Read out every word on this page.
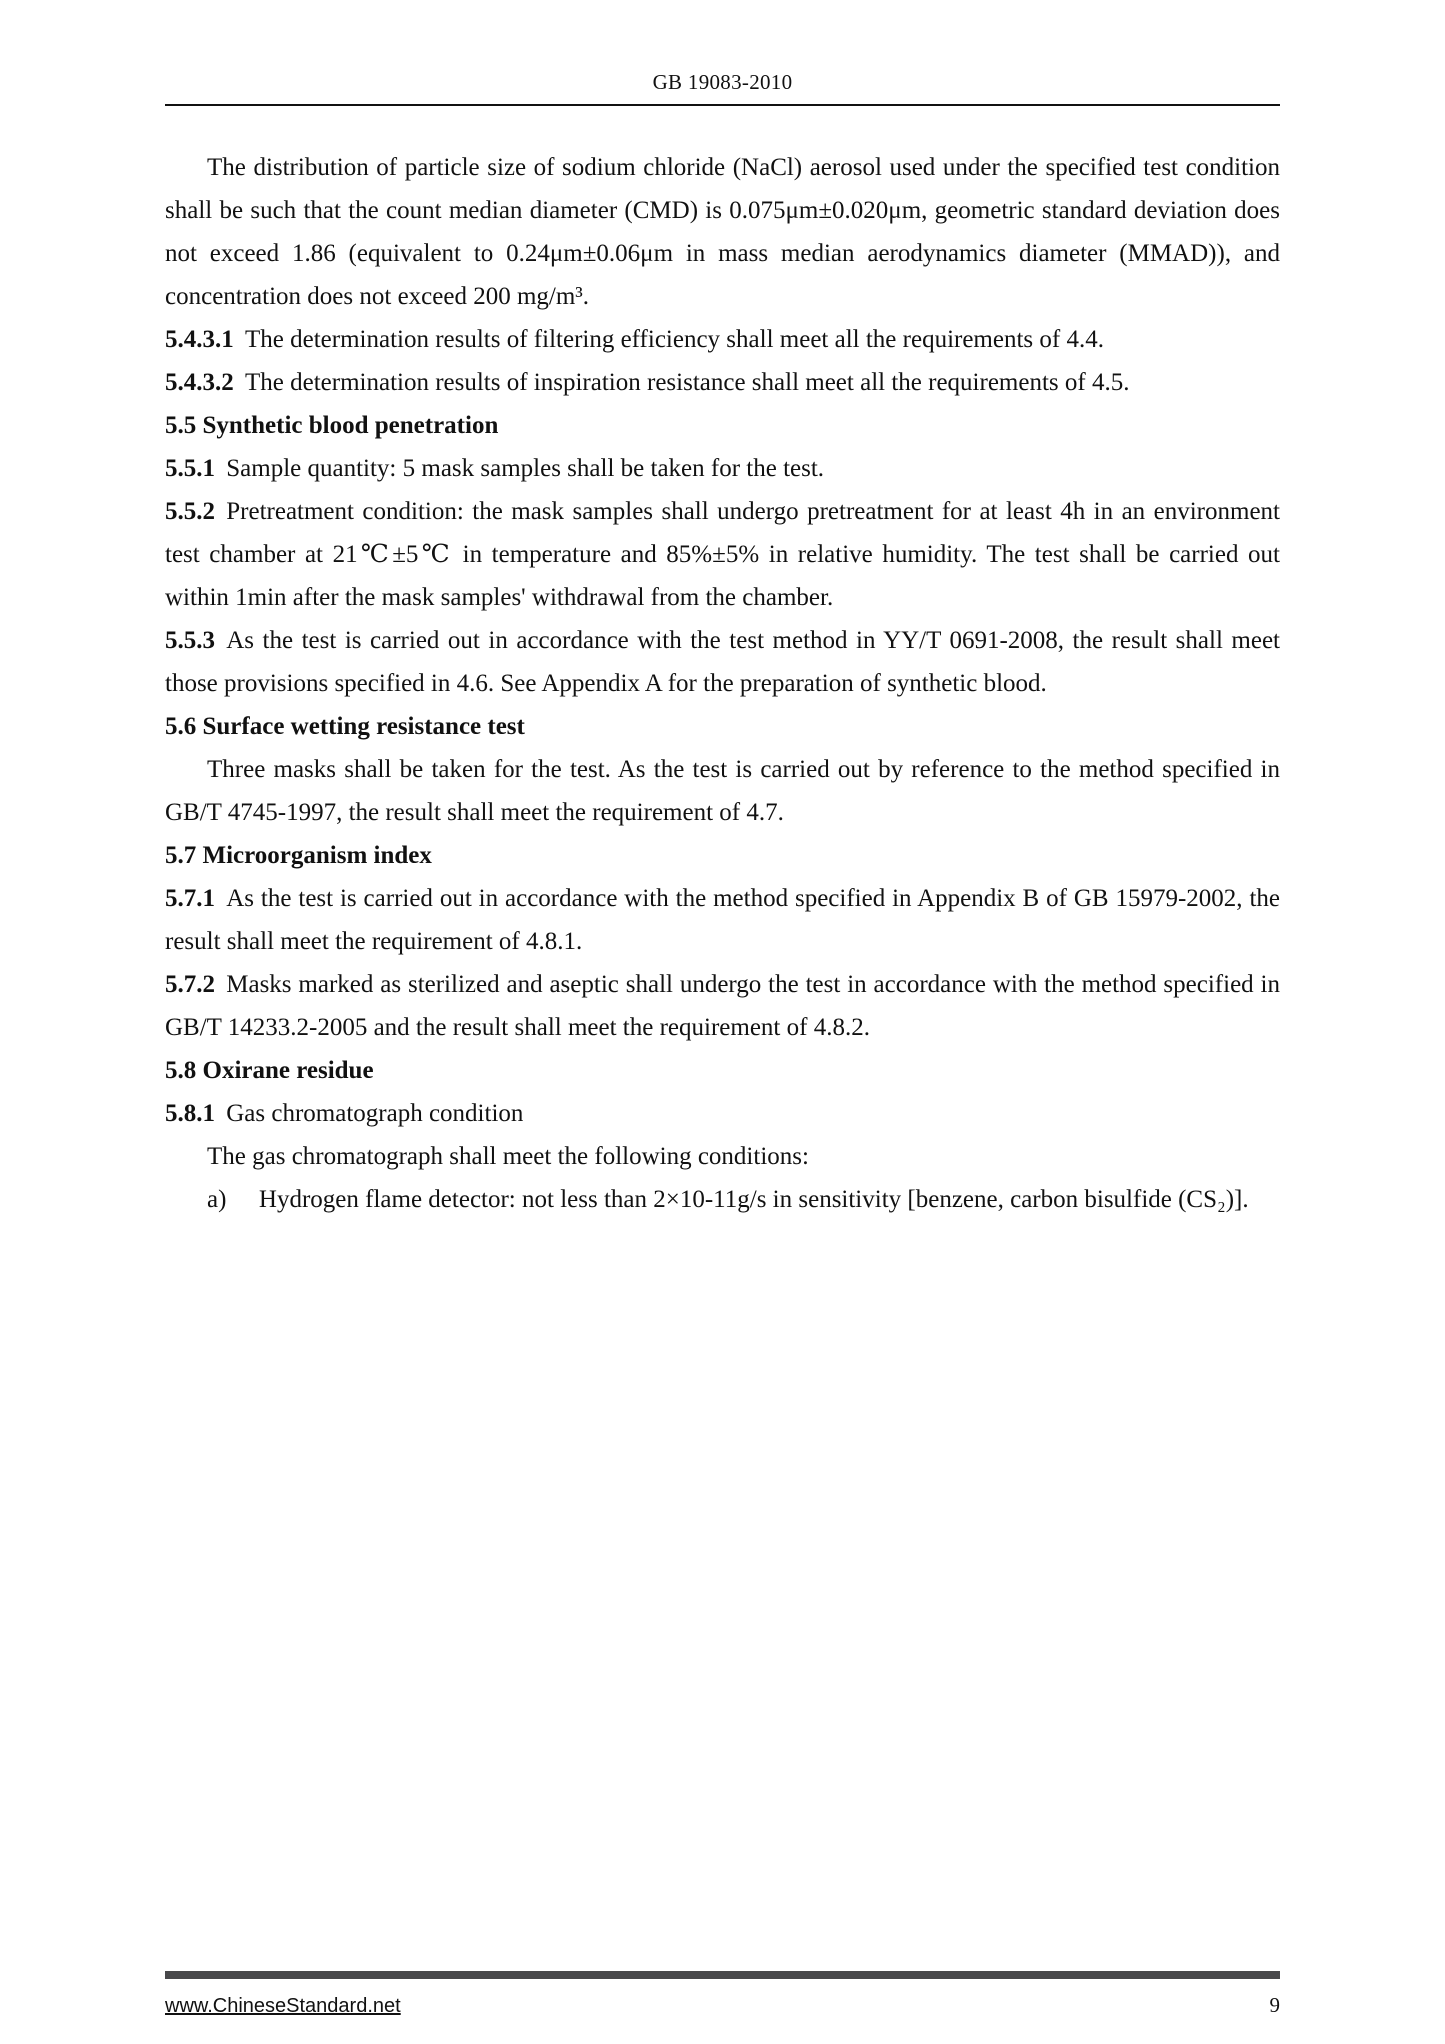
GB 19083-2010

The distribution of particle size of sodium chloride (NaCl) aerosol used under the specified test condition shall be such that the count median diameter (CMD) is 0.075μm±0.020μm, geometric standard deviation does not exceed 1.86 (equivalent to 0.24μm±0.06μm in mass median aerodynamics diameter (MMAD)), and concentration does not exceed 200 mg/m³.

5.4.3.1 The determination results of filtering efficiency shall meet all the requirements of 4.4.

5.4.3.2 The determination results of inspiration resistance shall meet all the requirements of 4.5.

5.5 Synthetic blood penetration

5.5.1 Sample quantity: 5 mask samples shall be taken for the test.

5.5.2 Pretreatment condition: the mask samples shall undergo pretreatment for at least 4h in an environment test chamber at 21℃±5℃ in temperature and 85%±5% in relative humidity. The test shall be carried out within 1min after the mask samples' withdrawal from the chamber.

5.5.3 As the test is carried out in accordance with the test method in YY/T 0691-2008, the result shall meet those provisions specified in 4.6. See Appendix A for the preparation of synthetic blood.

5.6 Surface wetting resistance test

Three masks shall be taken for the test. As the test is carried out by reference to the method specified in GB/T 4745-1997, the result shall meet the requirement of 4.7.

5.7 Microorganism index

5.7.1 As the test is carried out in accordance with the method specified in Appendix B of GB 15979-2002, the result shall meet the requirement of 4.8.1.

5.7.2 Masks marked as sterilized and aseptic shall undergo the test in accordance with the method specified in GB/T 14233.2-2005 and the result shall meet the requirement of 4.8.2.

5.8 Oxirane residue

5.8.1 Gas chromatograph condition

The gas chromatograph shall meet the following conditions:

a) Hydrogen flame detector: not less than 2×10-11g/s in sensitivity [benzene, carbon bisulfide (CS₂)].

www.ChineseStandard.net	9
